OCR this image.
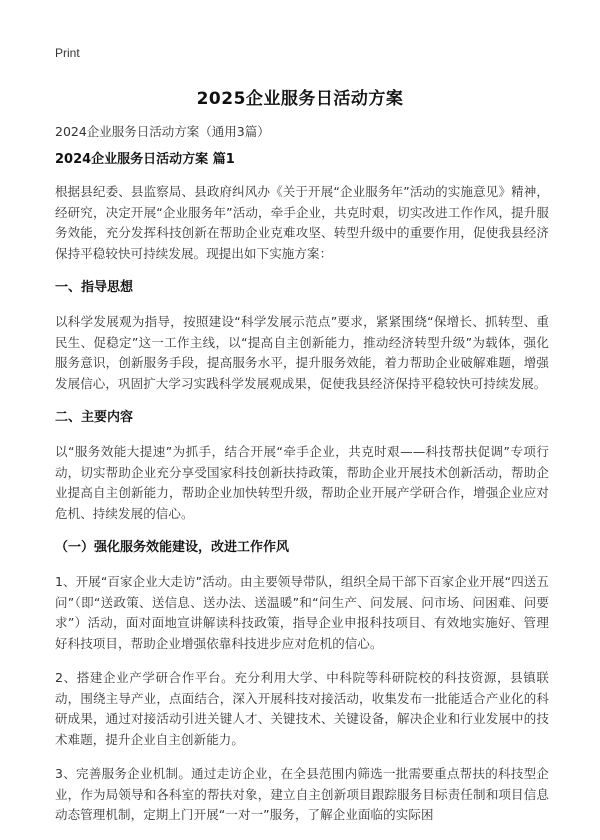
Print
2025企业服务日活动方案
2024企业服务日活动方案（通用3篇）
2024企业服务日活动方案 篇1

根据县纪委、县监察局、县政府纠风办《关于开展“企业服务年”活动的实施意见》精神，经研究，决定开展“企业服务年”活动，牵手企业，共克时艰，切实改进工作作风，提升服务效能，充分发挥科技创新在帮助企业克难攻坚、转型升级中的重要作用，促使我县经济保持平稳较快可持续发展。现提出如下实施方案：

一、指导思想

以科学发展观为指导，按照建设“科学发展示范点”要求，紧紧围绕“保增长、抓转型、重民生、促稳定”这一工作主线，以“提高自主创新能力，推动经济转型升级”为载体，强化服务意识，创新服务手段，提高服务水平，提升服务效能，着力帮助企业破解难题，增强发展信心，巩固扩大学习实践科学发展观成果，促使我县经济保持平稳较快可持续发展。

二、主要内容

以“服务效能大提速”为抓手，结合开展“牵手企业，共克时艰——科技帮扶促调”专项行动，切实帮助企业充分享受国家科技创新扶持政策，帮助企业开展技术创新活动，帮助企业提高自主创新能力，帮助企业加快转型升级，帮助企业开展产学研合作，增强企业应对危机、持续发展的信心。

（一）强化服务效能建设，改进工作作风

1、开展“百家企业大走访”活动。由主要领导带队，组织全局干部下百家企业开展“四送五问”（即“送政策、送信息、送办法、送温暖”和“问生产、问发展、问市场、问困难、问要求”）活动，面对面地宣讲解读科技政策，指导企业申报科技项目、有效地实施好、管理好科技项目，帮助企业增强依靠科技进步应对危机的信心。

2、搭建企业产学研合作平台。充分利用大学、中科院等科研院校的科技资源，县镇联动，围绕主导产业，点面结合，深入开展科技对接活动，收集发布一批能适合产业化的科研成果，通过对接活动引进关键人才、关键技术、关键设备，解决企业和行业发展中的技术难题，提升企业自主创新能力。

3、完善服务企业机制。通过走访企业，在全县范围内筛选一批需要重点帮扶的科技型企业，作为局领导和各科室的帮扶对象，建立自主创新项目跟踪服务目标责任制和项目信息动态管理机制，定期上门开展“一对一”服务，了解企业面临的实际困
